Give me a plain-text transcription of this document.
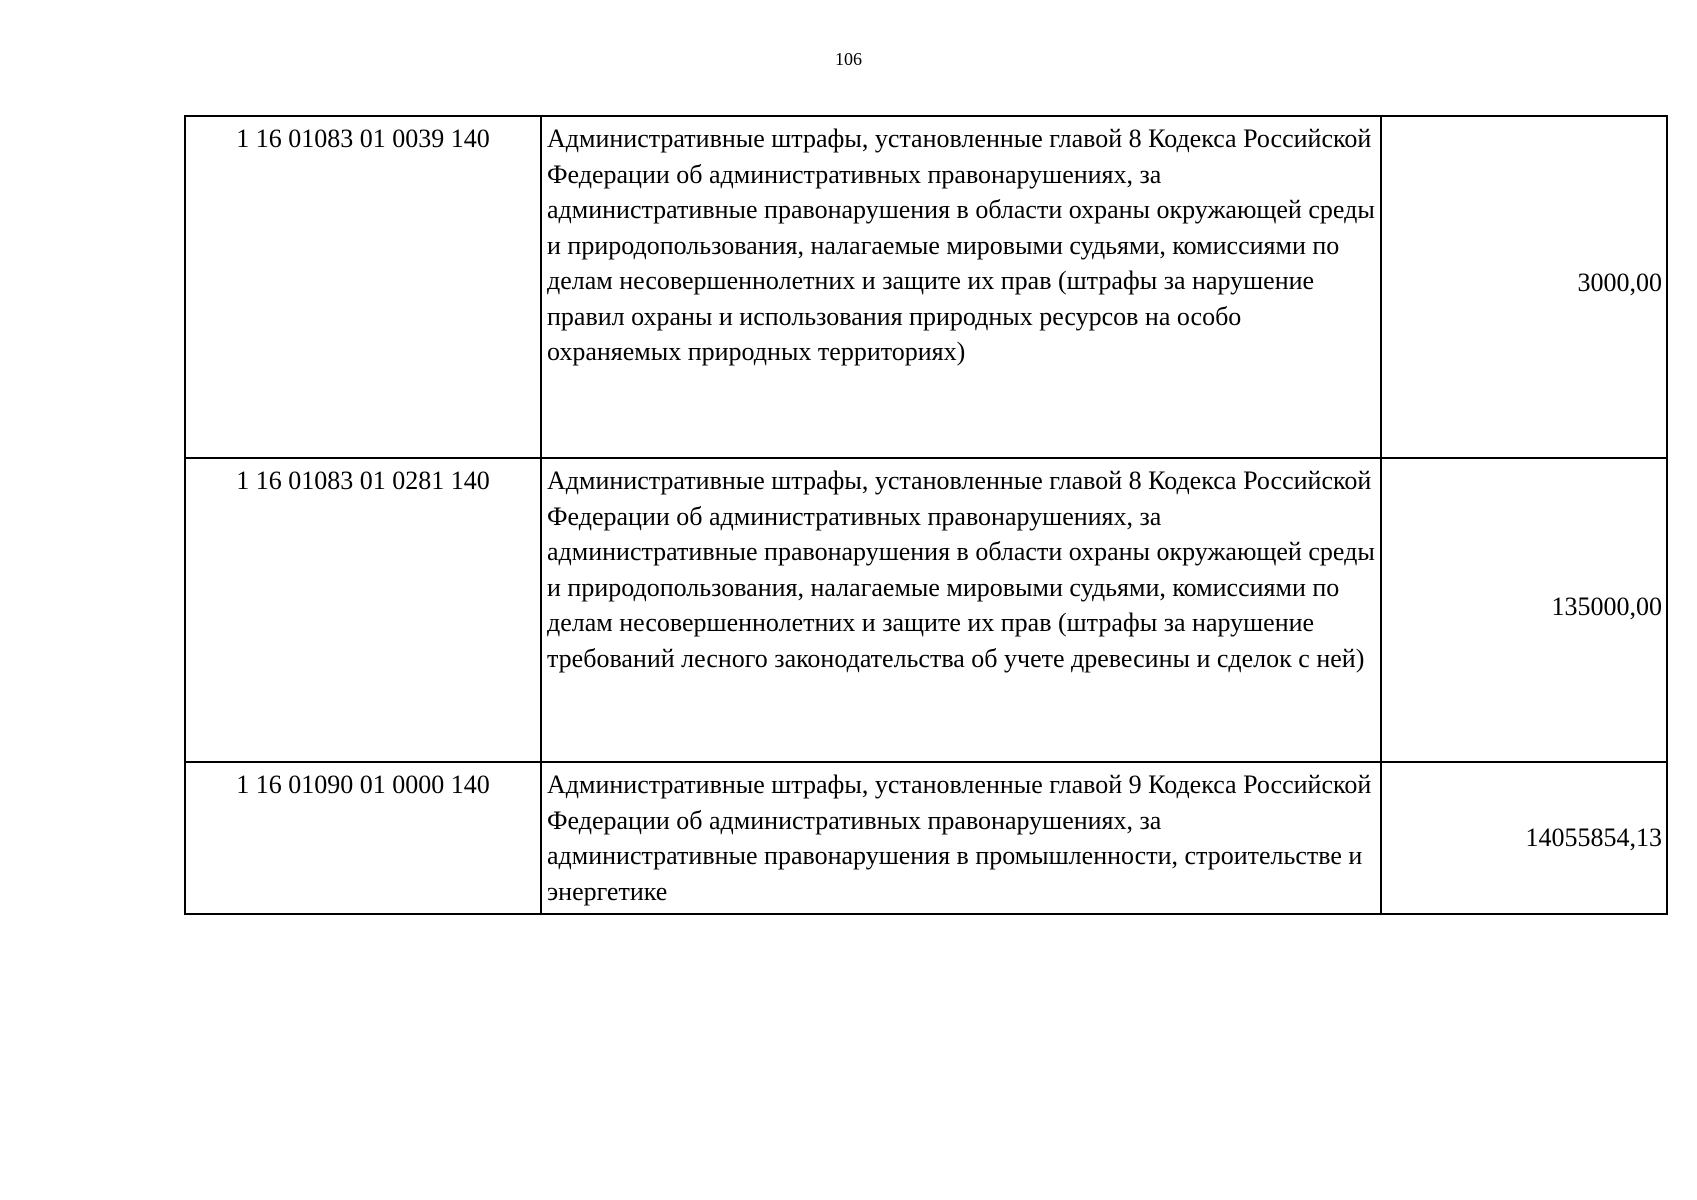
106
1 16 01083 01 0039 140	Административные штрафы, установленные главой 8 Кодекса Российской Федерации об административных правонарушениях, за административные правонарушения в области охраны окружающей среды и природопользования, налагаемые мировыми судьями, комиссиями по делам несовершеннолетних и защите их прав (штрафы за нарушение правил охраны и использования природных ресурсов на особо охраняемых природных территориях)	3000,00
1 16 01083 01 0281 140	Административные штрафы, установленные главой 8 Кодекса Российской Федерации об административных правонарушениях, за административные правонарушения в области охраны окружающей среды и природопользования, налагаемые мировыми судьями, комиссиями по делам несовершеннолетних и защите их прав (штрафы за нарушение требований лесного законодательства об учете древесины и сделок с ней)	135000,00
1 16 01090 01 0000 140	Административные штрафы, установленные главой 9 Кодекса Российской Федерации об административных правонарушениях, за административные правонарушения в промышленности, строительстве и энергетике	14055854,13
